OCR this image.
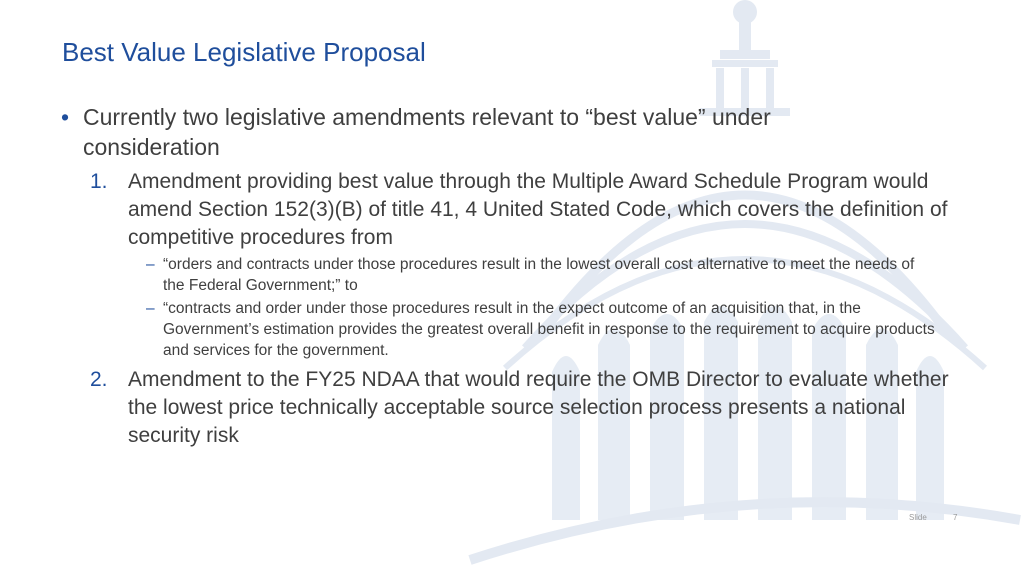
Best Value Legislative Proposal
• Currently two legislative amendments relevant to “best value” under consideration
1. Amendment providing best value through the Multiple Award Schedule Program would amend Section 152(3)(B) of title 41, 4 United Stated Code, which covers the definition of competitive procedures from
– “orders and contracts under those procedures result in the lowest overall cost alternative to meet the needs of the Federal Government;” to
– “contracts and order under those procedures result in the expect outcome of an acquisition that, in the Government’s estimation provides the greatest overall benefit in response to the requirement to acquire products and services for the government.
2. Amendment to the FY25 NDAA that would require the OMB Director to evaluate whether the lowest price technically acceptable source selection process presents a national security risk
Slide	7
